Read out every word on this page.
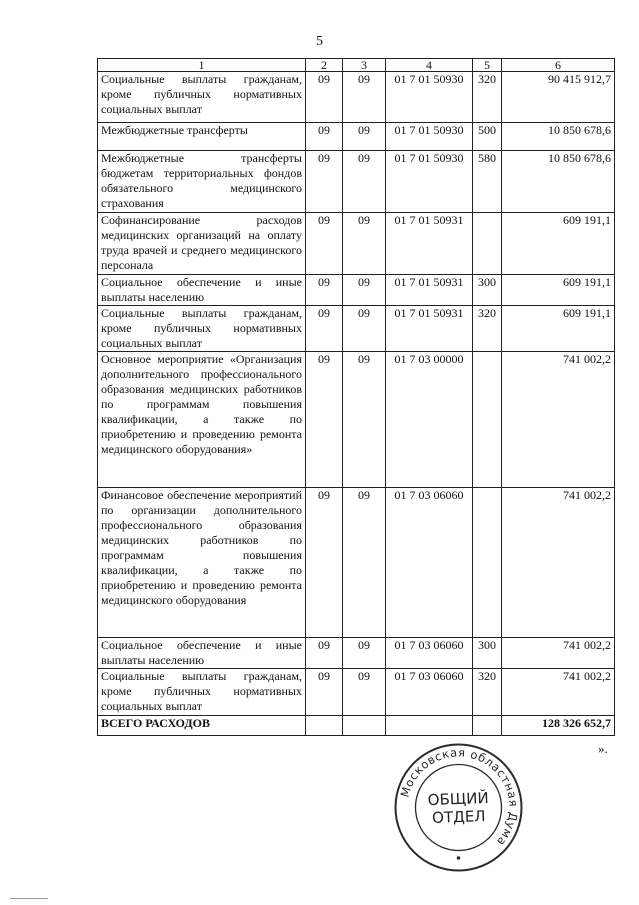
5
1	2	3	4	5	6
Социальные выплаты гражданам, кроме публичных нормативных социальных выплат	09	09	01 7 01 50930	320	90 415 912,7
Межбюджетные трансферты	09	09	01 7 01 50930	500	10 850 678,6
Межбюджетные трансферты бюджетам территориальных фондов обязательного медицинского страхования	09	09	01 7 01 50930	580	10 850 678,6
Софинансирование расходов медицинских организаций на оплату труда врачей и среднего медицинского персонала	09	09	01 7 01 50931		609 191,1
Социальное обеспечение и иные выплаты населению	09	09	01 7 01 50931	300	609 191,1
Социальные выплаты гражданам, кроме публичных нормативных социальных выплат	09	09	01 7 01 50931	320	609 191,1
Основное мероприятие «Организация дополнительного профессионального образования медицинских работников по программам повышения квалификации, а также по приобретению и проведению ремонта медицинского оборудования»	09	09	01 7 03 00000		741 002,2
Финансовое обеспечение мероприятий по организации дополнительного профессионального образования медицинских работников по программам повышения квалификации, а также по приобретению и проведению ремонта медицинского оборудования	09	09	01 7 03 06060		741 002,2
Социальное обеспечение и иные выплаты населению	09	09	01 7 03 06060	300	741 002,2
Социальные выплаты гражданам, кроме публичных нормативных социальных выплат	09	09	01 7 03 06060	320	741 002,2
ВСЕГО РАСХОДОВ					128 326 652,7
».
Московская областная Дума
ОБЩИЙ
ОТДЕЛ
